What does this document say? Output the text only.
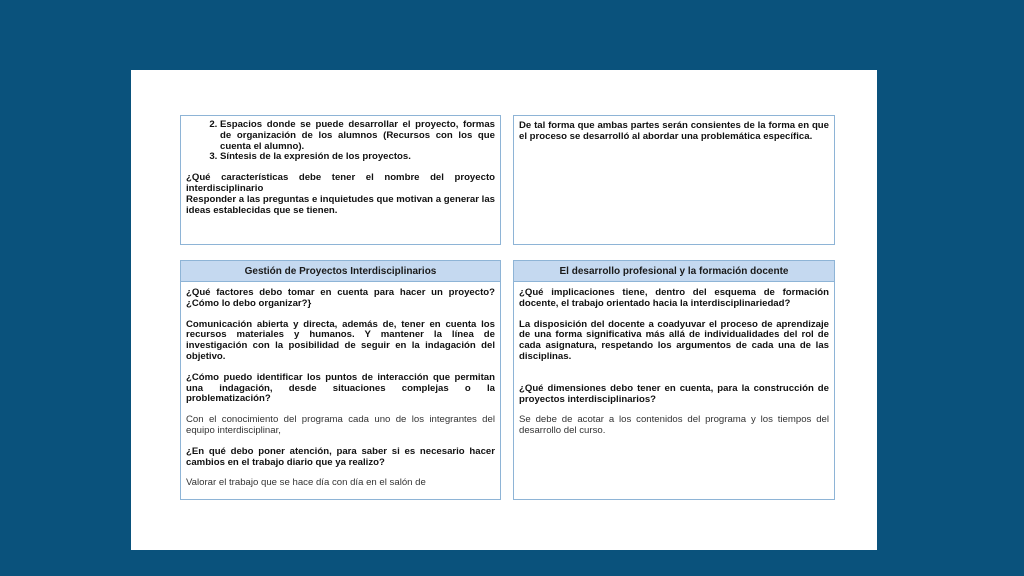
2. Espacios donde se puede desarrollar el proyecto, formas de organización de los alumnos (Recursos con los que cuenta el alumno).
3. Síntesis de la expresión de los proyectos.

¿Qué características debe tener el nombre del proyecto interdisciplinario

Responder a las preguntas e inquietudes que motivan a generar las ideas establecidas que se tienen.

De tal forma que ambas partes serán consientes de la forma en que el proceso se desarrolló al abordar una problemática específica.

Gestión de Proyectos Interdisciplinarios

¿Qué factores debo tomar en cuenta para hacer un proyecto? ¿Cómo lo debo organizar?}

Comunicación abierta y directa, además de, tener en cuenta los recursos materiales y humanos. Y mantener la línea de investigación con la posibilidad de seguir en la indagación del objetivo.

¿Cómo puedo identificar los puntos de interacción que permitan una indagación, desde situaciones complejas o la problematización?

Con el conocimiento del programa cada uno de los integrantes del equipo interdisciplinar,

¿En qué debo poner atención, para saber si es necesario hacer cambios en el trabajo diario que ya realizo?

Valorar el trabajo que se hace día con día en el salón de

El desarrollo profesional y la formación docente

¿Qué implicaciones tiene, dentro del esquema de formación docente, el trabajo orientado hacia la interdisciplinariedad?

La disposición del docente a coadyuvar el proceso de aprendizaje de una forma significativa más allá de individualidades del rol de cada asignatura, respetando los argumentos de cada una de las disciplinas.

¿Qué dimensiones debo tener en cuenta, para la construcción de proyectos interdisciplinarios?

Se debe de acotar a los contenidos del programa y los tiempos del desarrollo del curso.
